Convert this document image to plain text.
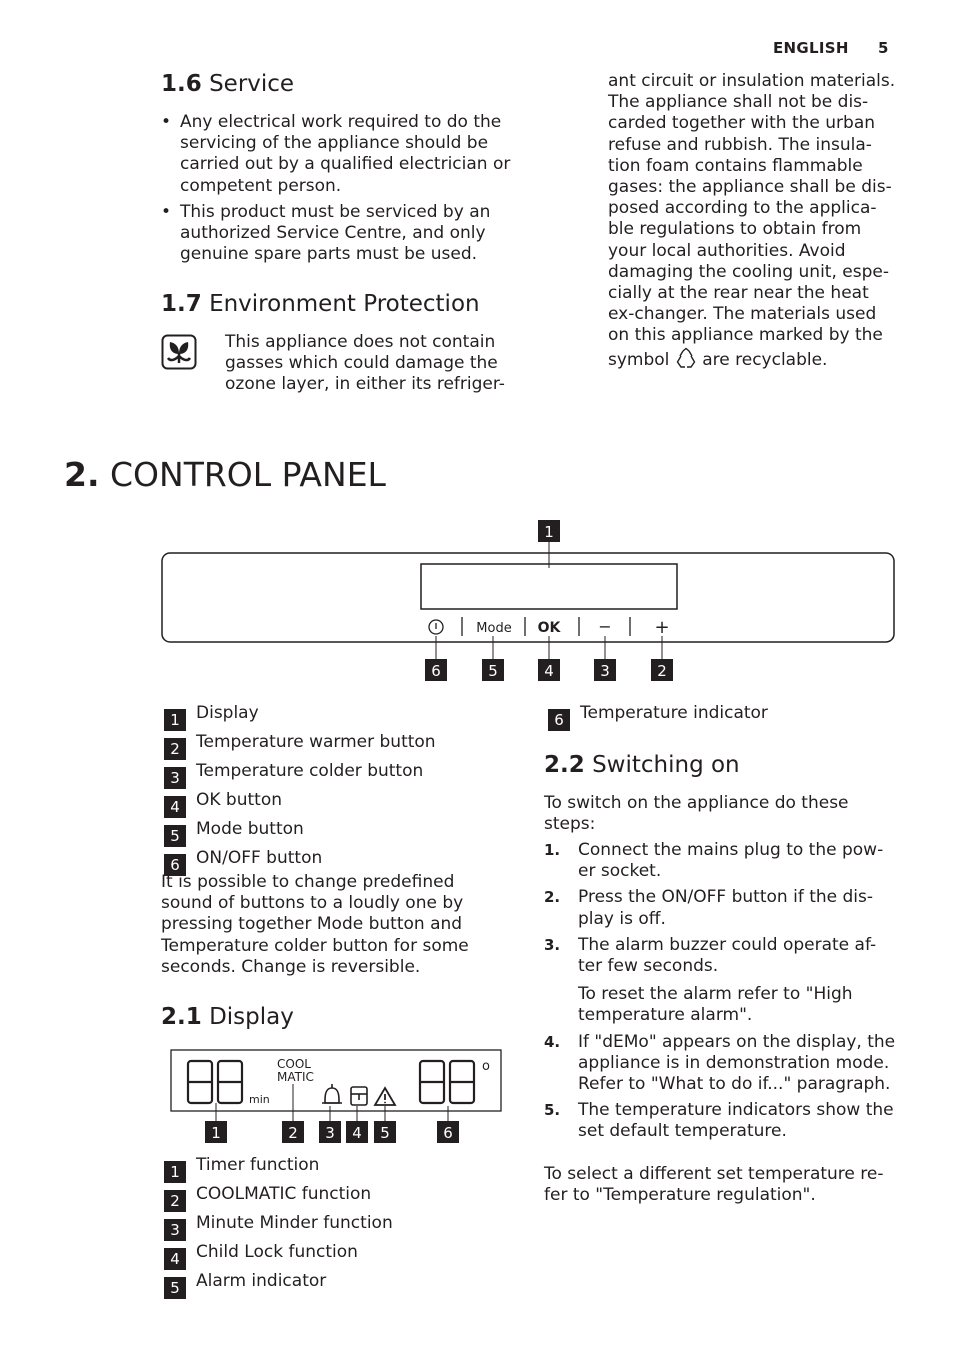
ENGLISH 5
1.6 Service
• Any electrical work required to do the servicing of the appliance should be carried out by a qualified electrician or competent person.
• This product must be serviced by an authorized Service Centre, and only genuine spare parts must be used.
1.7 Environment Protection
This appliance does not contain gasses which could damage the ozone layer, in either its refriger-
ant circuit or insulation materials. The appliance shall not be dis-carded together with the urban refuse and rubbish. The insula-tion foam contains flammable gases: the appliance shall be dis-posed according to the applica-ble regulations to obtain from your local authorities. Avoid damaging the cooling unit, espe-cially at the rear near the heat ex-changer. The materials used on this appliance marked by the symbol are recyclable.
2. CONTROL PANEL
1
Mode OK − +
6	5	4	3	2
1 Display
2 Temperature warmer button
3 Temperature colder button
4 OK button
5 Mode button
6 ON/OFF button
6 Temperature indicator
It is possible to change predefined sound of buttons to a loudly one by pressing together Mode button and Temperature colder button for some seconds. Change is reversible.
2.1 Display
min
COOL
MATIC
o
1	2 3 4 5	6
1 Timer function
2 COOLMATIC function
3 Minute Minder function
4 Child Lock function
5 Alarm indicator
2.2 Switching on
To switch on the appliance do these steps:
1. Connect the mains plug to the pow-er socket.
2. Press the ON/OFF button if the dis-play is off.
3. The alarm buzzer could operate af-ter few seconds.
To reset the alarm refer to "High temperature alarm".
4. If "dEMo" appears on the display, the appliance is in demonstration mode. Refer to "What to do if..." paragraph.
5. The temperature indicators show the set default temperature.
To select a different set temperature re-fer to "Temperature regulation".
